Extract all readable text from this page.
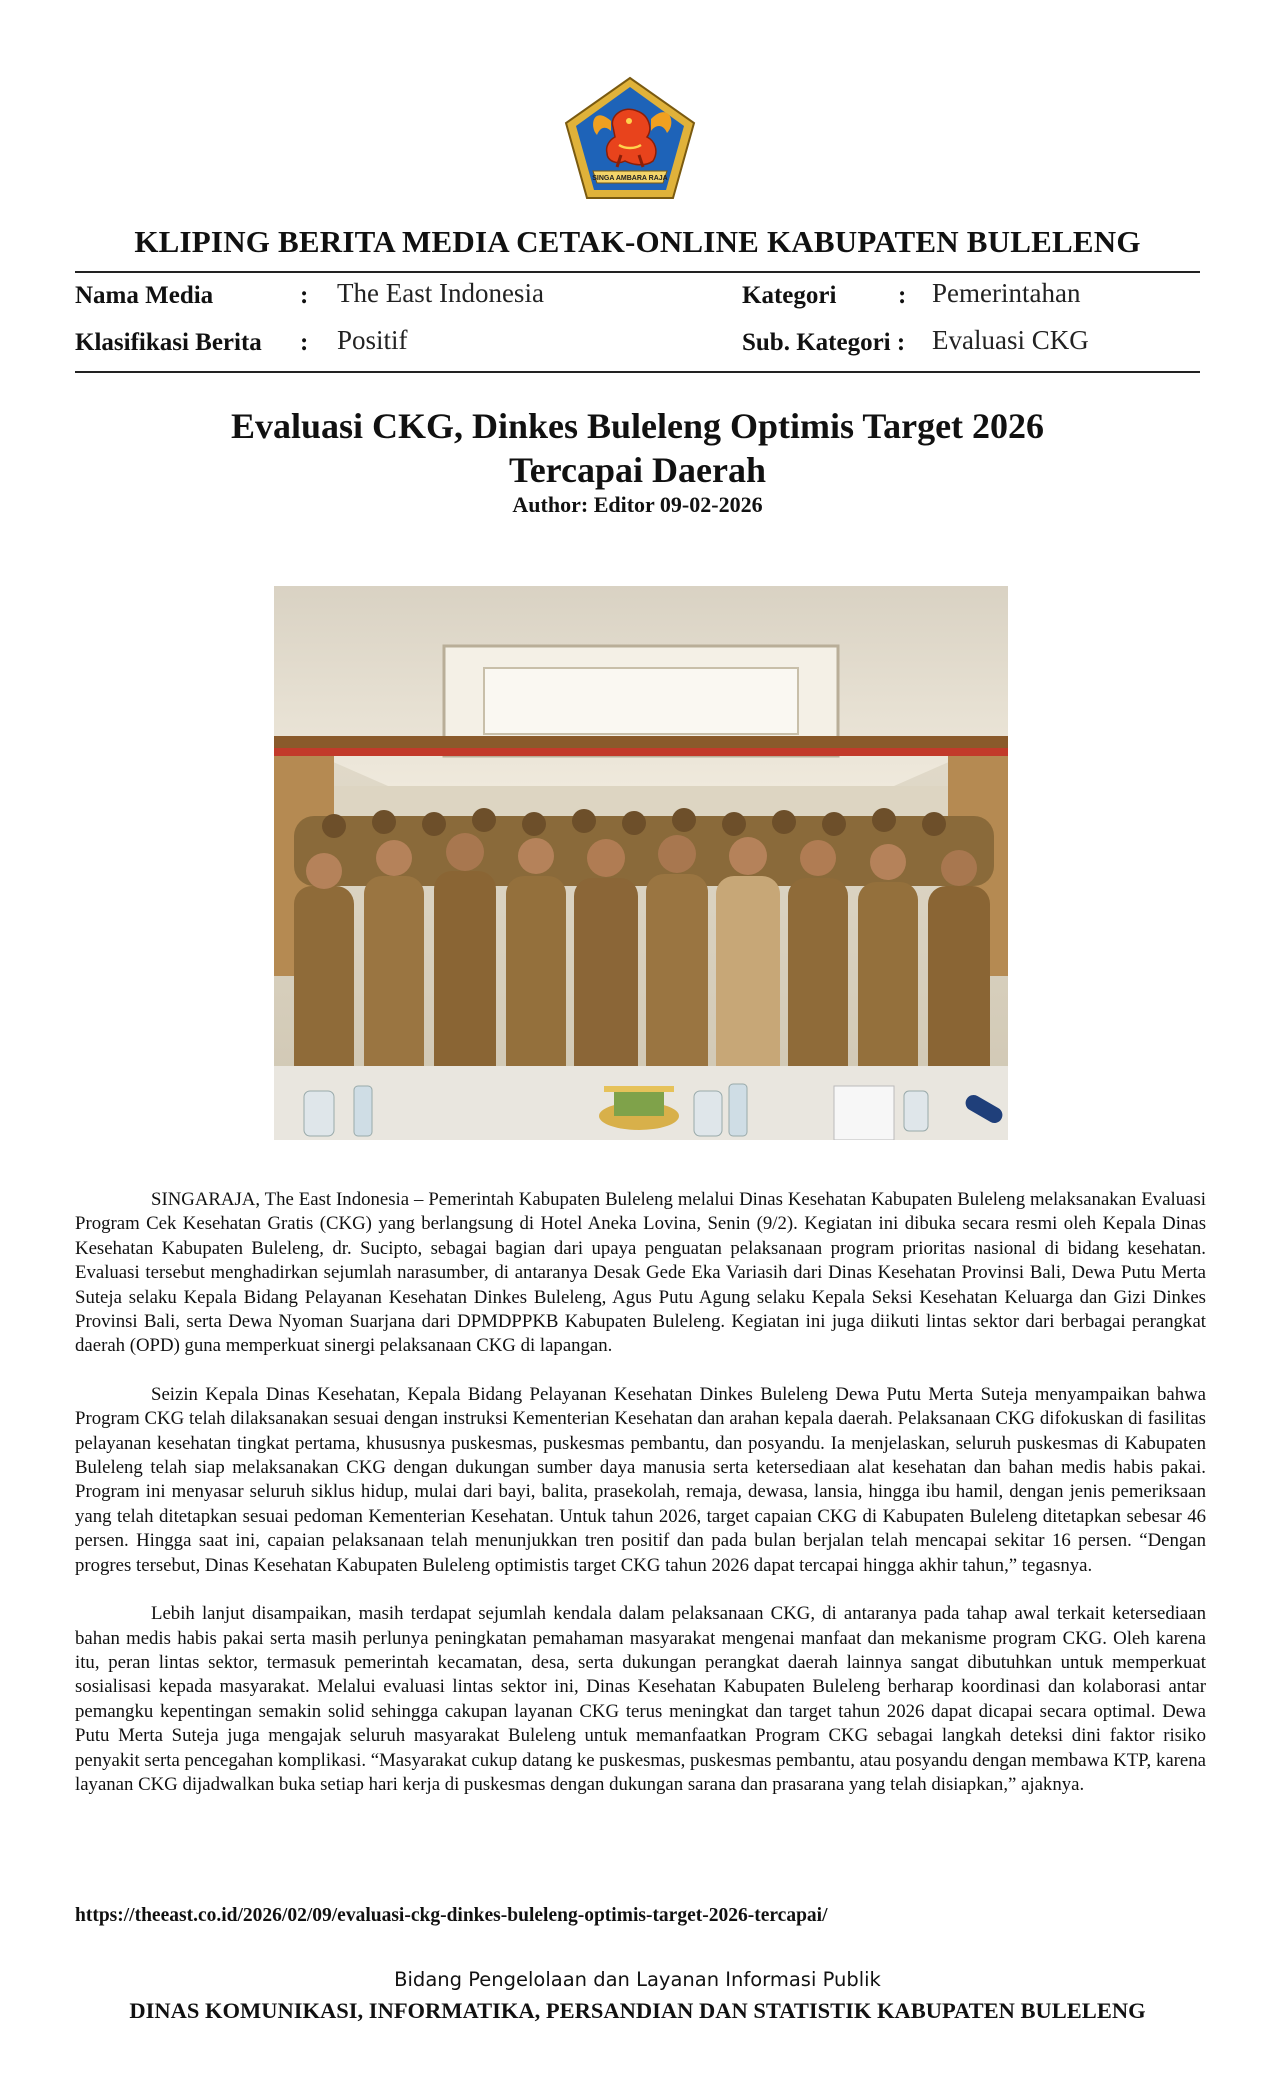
SINGA AMBARA RAJA
KLIPING BERITA MEDIA CETAK-ONLINE KABUPATEN BULELENG
Nama Media	: The East Indonesia	Kategori : Pemerintahan
Klasifikasi Berita : Positif	Sub. Kategori : Evaluasi CKG
Evaluasi CKG, Dinkes Buleleng Optimis Target 2026
Tercapai Daerah
Author: Editor 09-02-2026

SINGARAJA, The East Indonesia – Pemerintah Kabupaten Buleleng melalui Dinas Kesehatan Kabupaten Buleleng melaksanakan Evaluasi Program Cek Kesehatan Gratis (CKG) yang berlangsung di Hotel Aneka Lovina, Senin (9/2). Kegiatan ini dibuka secara resmi oleh Kepala Dinas Kesehatan Kabupaten Buleleng, dr. Sucipto, sebagai bagian dari upaya penguatan pelaksanaan program prioritas nasional di bidang kesehatan. Evaluasi tersebut menghadirkan sejumlah narasumber, di antaranya Desak Gede Eka Variasih dari Dinas Kesehatan Provinsi Bali, Dewa Putu Merta Suteja selaku Kepala Bidang Pelayanan Kesehatan Dinkes Buleleng, Agus Putu Agung selaku Kepala Seksi Kesehatan Keluarga dan Gizi Dinkes Provinsi Bali, serta Dewa Nyoman Suarjana dari DPMDPPKB Kabupaten Buleleng. Kegiatan ini juga diikuti lintas sektor dari berbagai perangkat daerah (OPD) guna memperkuat sinergi pelaksanaan CKG di lapangan.

Seizin Kepala Dinas Kesehatan, Kepala Bidang Pelayanan Kesehatan Dinkes Buleleng Dewa Putu Merta Suteja menyampaikan bahwa Program CKG telah dilaksanakan sesuai dengan instruksi Kementerian Kesehatan dan arahan kepala daerah. Pelaksanaan CKG difokuskan di fasilitas pelayanan kesehatan tingkat pertama, khususnya puskesmas, puskesmas pembantu, dan posyandu. Ia menjelaskan, seluruh puskesmas di Kabupaten Buleleng telah siap melaksanakan CKG dengan dukungan sumber daya manusia serta ketersediaan alat kesehatan dan bahan medis habis pakai. Program ini menyasar seluruh siklus hidup, mulai dari bayi, balita, prasekolah, remaja, dewasa, lansia, hingga ibu hamil, dengan jenis pemeriksaan yang telah ditetapkan sesuai pedoman Kementerian Kesehatan. Untuk tahun 2026, target capaian CKG di Kabupaten Buleleng ditetapkan sebesar 46 persen. Hingga saat ini, capaian pelaksanaan telah menunjukkan tren positif dan pada bulan berjalan telah mencapai sekitar 16 persen. “Dengan progres tersebut, Dinas Kesehatan Kabupaten Buleleng optimistis target CKG tahun 2026 dapat tercapai hingga akhir tahun,” tegasnya.

Lebih lanjut disampaikan, masih terdapat sejumlah kendala dalam pelaksanaan CKG, di antaranya pada tahap awal terkait ketersediaan bahan medis habis pakai serta masih perlunya peningkatan pemahaman masyarakat mengenai manfaat dan mekanisme program CKG. Oleh karena itu, peran lintas sektor, termasuk pemerintah kecamatan, desa, serta dukungan perangkat daerah lainnya sangat dibutuhkan untuk memperkuat sosialisasi kepada masyarakat. Melalui evaluasi lintas sektor ini, Dinas Kesehatan Kabupaten Buleleng berharap koordinasi dan kolaborasi antar pemangku kepentingan semakin solid sehingga cakupan layanan CKG terus meningkat dan target tahun 2026 dapat dicapai secara optimal. Dewa Putu Merta Suteja juga mengajak seluruh masyarakat Buleleng untuk memanfaatkan Program CKG sebagai langkah deteksi dini faktor risiko penyakit serta pencegahan komplikasi. “Masyarakat cukup datang ke puskesmas, puskesmas pembantu, atau posyandu dengan membawa KTP, karena layanan CKG dijadwalkan buka setiap hari kerja di puskesmas dengan dukungan sarana dan prasarana yang telah disiapkan,” ajaknya.

https://theeast.co.id/2026/02/09/evaluasi-ckg-dinkes-buleleng-optimis-target-2026-tercapai/
Bidang Pengelolaan dan Layanan Informasi Publik
DINAS KOMUNIKASI, INFORMATIKA, PERSANDIAN DAN STATISTIK KABUPATEN BULELENG
